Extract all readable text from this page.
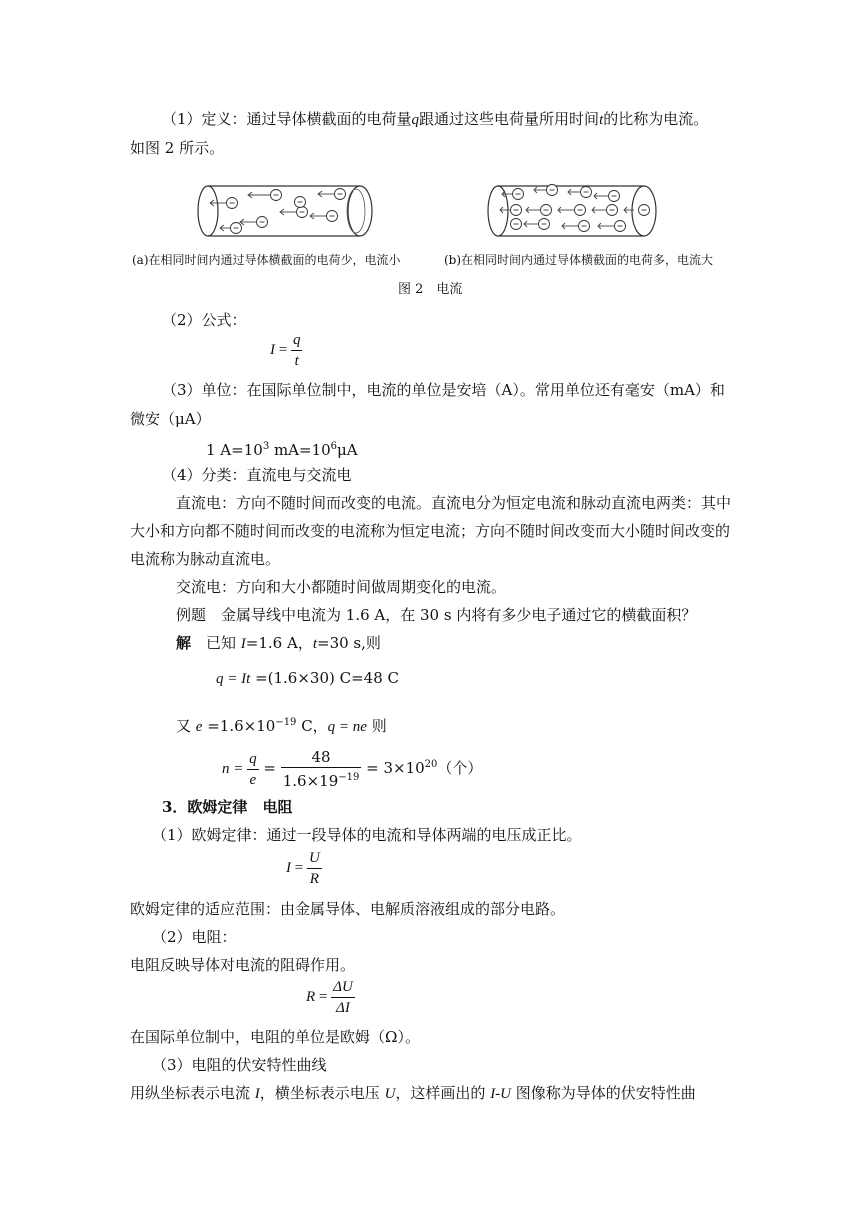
（1）定义：通过导体横截面的电荷量q跟通过这些电荷量所用时间t的比称为电流。
如图 2 所示。
(a)在相同时间内通过导体横截面的电荷少，电流小	(b)在相同时间内通过导体横截面的电荷多，电流大
图 2　电流
（2）公式：
$I = \frac{q}{t}$
（3）单位：在国际单位制中，电流的单位是安培（A）。常用单位还有毫安（mA）和
微安（μA）
1 $A=10^3$ $mA=10^6\mu A$
（4）分类：直流电与交流电
直流电：方向不随时间而改变的电流。直流电分为恒定电流和脉动直流电两类：其中
大小和方向都不随时间而改变的电流称为恒定电流；方向不随时间改变而大小随时间改变的
电流称为脉动直流电。
交流电：方向和大小都随时间做周期变化的电流。
例题　金属导线中电流为 1.6 A，在 30 s 内将有多少电子通过它的横截面积？
解　已知 I=1.6 A，t=30 s,则
q = It =(1.6×30) C=48 C
又 $e =1.6\times 10^{-19}$ C，q = ne 则
$n = \frac{q}{e} = \frac{48}{1.6\times 19^{-19}} = 3\times 10^{20}$（个）
3．欧姆定律　电阻
（1）欧姆定律：通过一段导体的电流和导体两端的电压成正比。
$I = \frac{U}{R}$
欧姆定律的适应范围：由金属导体、电解质溶液组成的部分电路。
（2）电阻：
电阻反映导体对电流的阻碍作用。
$R = \frac{\Delta U}{\Delta I}$
在国际单位制中，电阻的单位是欧姆（Ω）。
（3）电阻的伏安特性曲线
用纵坐标表示电流 I，横坐标表示电压 U，这样画出的 I-U 图像称为导体的伏安特性曲
